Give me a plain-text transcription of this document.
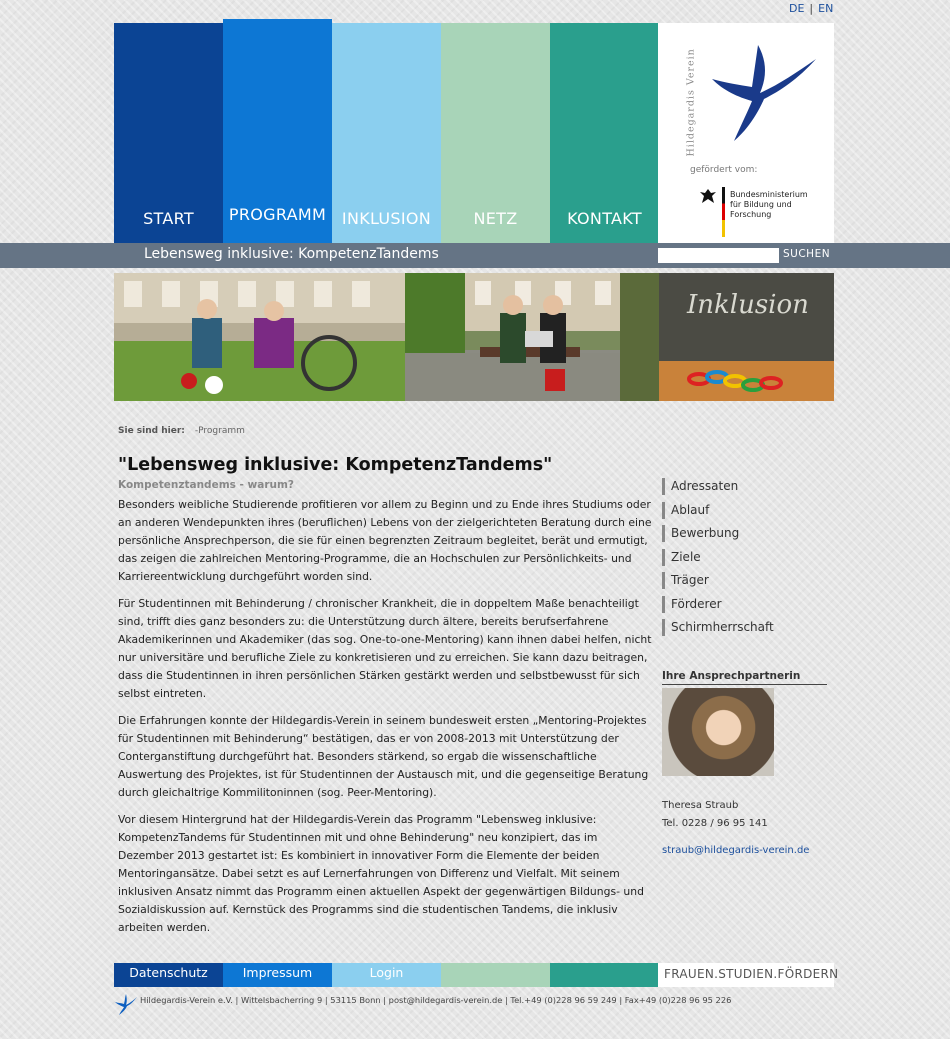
DE | EN
START	PROGRAMM INKLUSION	NETZ	KONTAKT
Hildegardis Verein
gefördert vom:
Bundesministerium für Bildung und Forschung
Lebensweg inklusive: KompetenzTandems	SUCHEN
Inklusion
Sie sind hier: -Programm
"Lebensweg inklusive: KompetenzTandems"
Kompetenztandems - warum?

Besonders weibliche Studierende profitieren vor allem zu Beginn und zu Ende ihres Studiums oder an anderen Wendepunkten ihres (beruflichen) Lebens von der zielgerichteten Beratung durch eine persönliche Ansprechperson, die sie für einen begrenzten Zeitraum begleitet, berät und ermutigt, das zeigen die zahlreichen Mentoring-Programme, die an Hochschulen zur Persönlichkeits- und Karriereentwicklung durchgeführt worden sind.

Für Studentinnen mit Behinderung / chronischer Krankheit, die in doppeltem Maße benachteiligt sind, trifft dies ganz besonders zu: die Unterstützung durch ältere, bereits berufserfahrene Akademikerinnen und Akademiker (das sog. One-to-one-Mentoring) kann ihnen dabei helfen, nicht nur universitäre und berufliche Ziele zu konkretisieren und zu erreichen. Sie kann dazu beitragen, dass die Studentinnen in ihren persönlichen Stärken gestärkt werden und selbstbewusst für sich selbst eintreten.

Die Erfahrungen konnte der Hildegardis-Verein in seinem bundesweit ersten „Mentoring-Projektes für Studentinnen mit Behinderung“ bestätigen, das er von 2008-2013 mit Unterstützung der Conterganstiftung durchgeführt hat. Besonders stärkend, so ergab die wissenschaftliche Auswertung des Projektes, ist für Studentinnen der Austausch mit, und die gegenseitige Beratung durch gleichaltrige Kommilitoninnen (sog. Peer-Mentoring).

Vor diesem Hintergrund hat der Hildegardis-Verein das Programm "Lebensweg inklusive: KompetenzTandems für Studentinnen mit und ohne Behinderung" neu konzipiert, das im Dezember 2013 gestartet ist: Es kombiniert in innovativer Form die Elemente der beiden Mentoringansätze. Dabei setzt es auf Lernerfahrungen von Differenz und Vielfalt. Mit seinem inklusiven Ansatz nimmt das Programm einen aktuellen Aspekt der gegenwärtigen Bildungs- und Sozialdiskussion auf. Kernstück des Programms sind die studentischen Tandems, die inklusiv arbeiten werden.

Adressaten
Ablauf
Bewerbung
Ziele
Träger
Förderer
Schirmherrschaft
Ihre Ansprechpartnerin
Theresa Straub
Tel. 0228 / 96 95 141
straub@hildegardis-verein.de
Datenschutz	Impressum	Login	FRAUEN.STUDIEN.FÖRDERN
Hildegardis-Verein e.V. | Wittelsbacherring 9 | 53115 Bonn | post@hildegardis-verein.de | Tel.+49 (0)228 96 59 249 | Fax+49 (0)228 96 95 226
